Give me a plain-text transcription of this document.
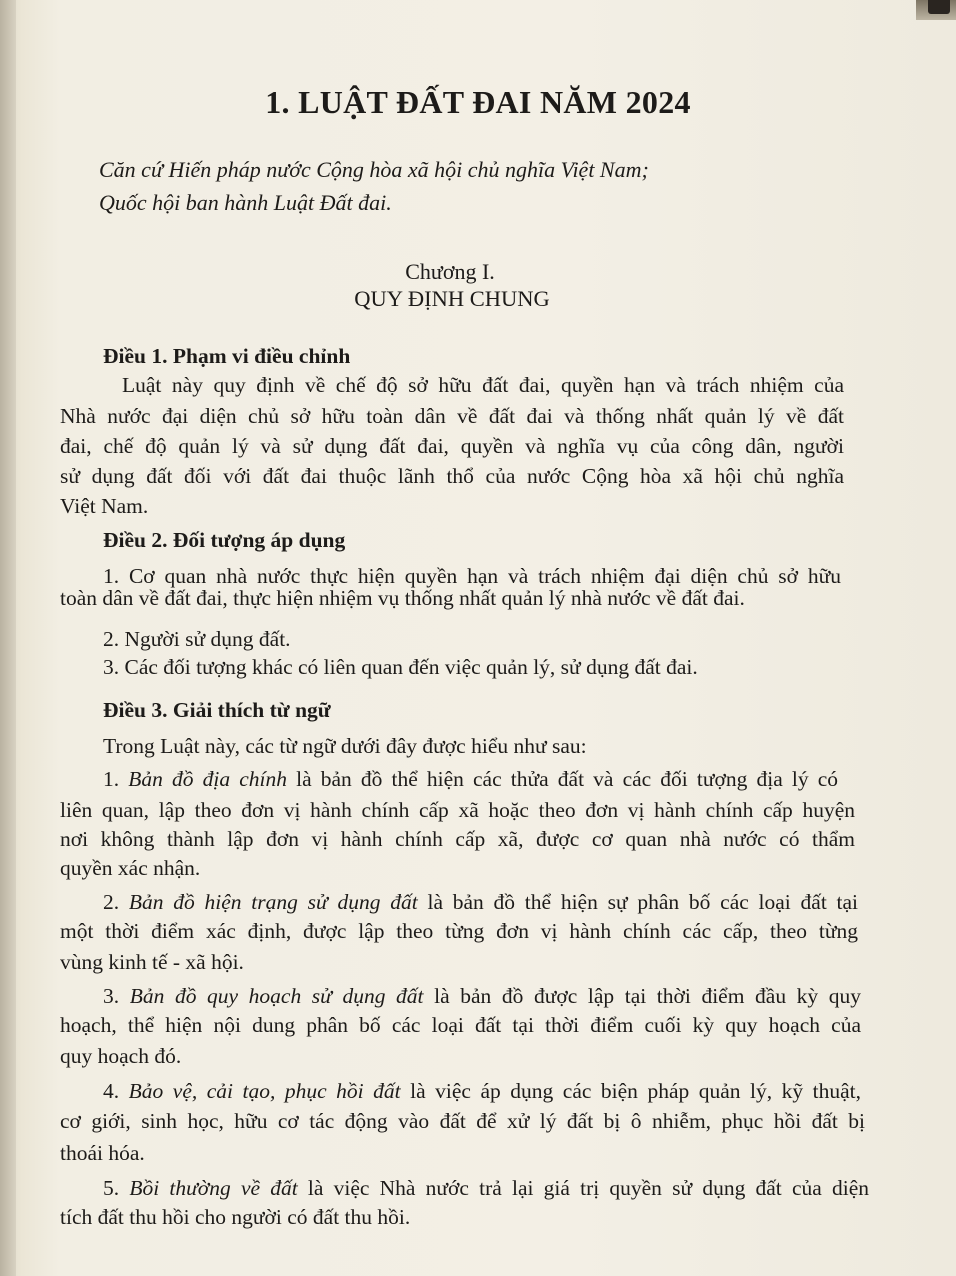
1. LUẬT ĐẤT ĐAI NĂM 2024
Căn cứ Hiến pháp nước Cộng hòa xã hội chủ nghĩa Việt Nam;
Quốc hội ban hành Luật Đất đai.
Chương I.
QUY ĐỊNH CHUNG
Điều 1. Phạm vi điều chỉnh
Luật này quy định về chế độ sở hữu đất đai, quyền hạn và trách nhiệm của
Nhà nước đại diện chủ sở hữu toàn dân về đất đai và thống nhất quản lý về đất
đai, chế độ quản lý và sử dụng đất đai, quyền và nghĩa vụ của công dân, người
sử dụng đất đối với đất đai thuộc lãnh thổ của nước Cộng hòa xã hội chủ nghĩa
Việt Nam.
Điều 2. Đối tượng áp dụng
1. Cơ quan nhà nước thực hiện quyền hạn và trách nhiệm đại diện chủ sở hữu
toàn dân về đất đai, thực hiện nhiệm vụ thống nhất quản lý nhà nước về đất đai.
2. Người sử dụng đất.
3. Các đối tượng khác có liên quan đến việc quản lý, sử dụng đất đai.
Điều 3. Giải thích từ ngữ
Trong Luật này, các từ ngữ dưới đây được hiểu như sau:
1. Bản đồ địa chính là bản đồ thể hiện các thửa đất và các đối tượng địa lý có
liên quan, lập theo đơn vị hành chính cấp xã hoặc theo đơn vị hành chính cấp huyện
nơi không thành lập đơn vị hành chính cấp xã, được cơ quan nhà nước có thẩm
quyền xác nhận.
2. Bản đồ hiện trạng sử dụng đất là bản đồ thể hiện sự phân bố các loại đất tại
một thời điểm xác định, được lập theo từng đơn vị hành chính các cấp, theo từng
vùng kinh tế - xã hội.
3. Bản đồ quy hoạch sử dụng đất là bản đồ được lập tại thời điểm đầu kỳ quy
hoạch, thể hiện nội dung phân bố các loại đất tại thời điểm cuối kỳ quy hoạch của
quy hoạch đó.
4. Bảo vệ, cải tạo, phục hồi đất là việc áp dụng các biện pháp quản lý, kỹ thuật,
cơ giới, sinh học, hữu cơ tác động vào đất để xử lý đất bị ô nhiễm, phục hồi đất bị
thoái hóa.
5. Bồi thường về đất là việc Nhà nước trả lại giá trị quyền sử dụng đất của diện
tích đất thu hồi cho người có đất thu hồi.
